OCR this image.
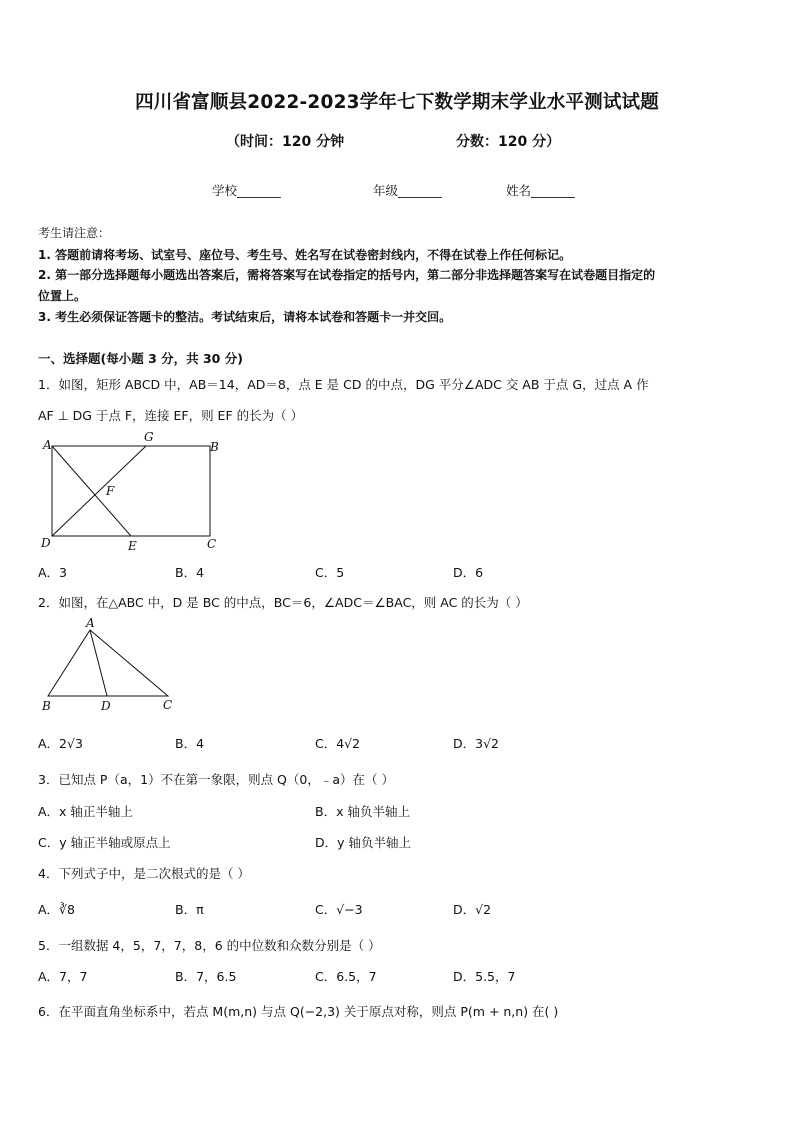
四川省富顺县2022-2023学年七下数学期末学业水平测试试题
（时间：120 分钟	分数：120 分）
学校_______	年级_______	姓名_______
考生请注意：
1. 答题前请将考场、试室号、座位号、考生号、姓名写在试卷密封线内，不得在试卷上作任何标记。
2. 第一部分选择题每小题选出答案后，需将答案写在试卷指定的括号内，第二部分非选择题答案写在试卷题目指定的
位置上。
3. 考生必须保证答题卡的整洁。考试结束后，请将本试卷和答题卡一并交回。
一、选择题(每小题 3 分，共 30 分)
1．如图，矩形 ABCD 中，AB＝14，AD＝8，点 E 是 CD 的中点，DG 平分∠ADC 交 AB 于点 G，过点 A 作
AF ⊥ DG 于点 F，连接 EF，则 EF 的长为（ ）
A
G
B
F
D	E	C
A．3	B．4	C．5	D．6
2．如图，在△ABC 中，D 是 BC 的中点，BC＝6，∠ADC＝∠BAC，则 AC 的长为（ ）
A
B	D	C
A．2√3	B．4	C．4√2	D．3√2
3．已知点 P（a，1）不在第一象限，则点 Q（0，﹣a）在（ ）
A．x 轴正半轴上	B．x 轴负半轴上
C．y 轴正半轴或原点上	D．y 轴负半轴上
4．下列式子中，是二次根式的是（ ）
A．∛8	B．π	C．√−3	D．√2
5．一组数据 4，5，7，7，8，6 的中位数和众数分别是（ ）
A．7，7	B．7，6.5	C．6.5，7	D．5.5，7
6．在平面直角坐标系中，若点 M(m,n) 与点 Q(−2,3) 关于原点对称，则点 P(m + n,n) 在( )
